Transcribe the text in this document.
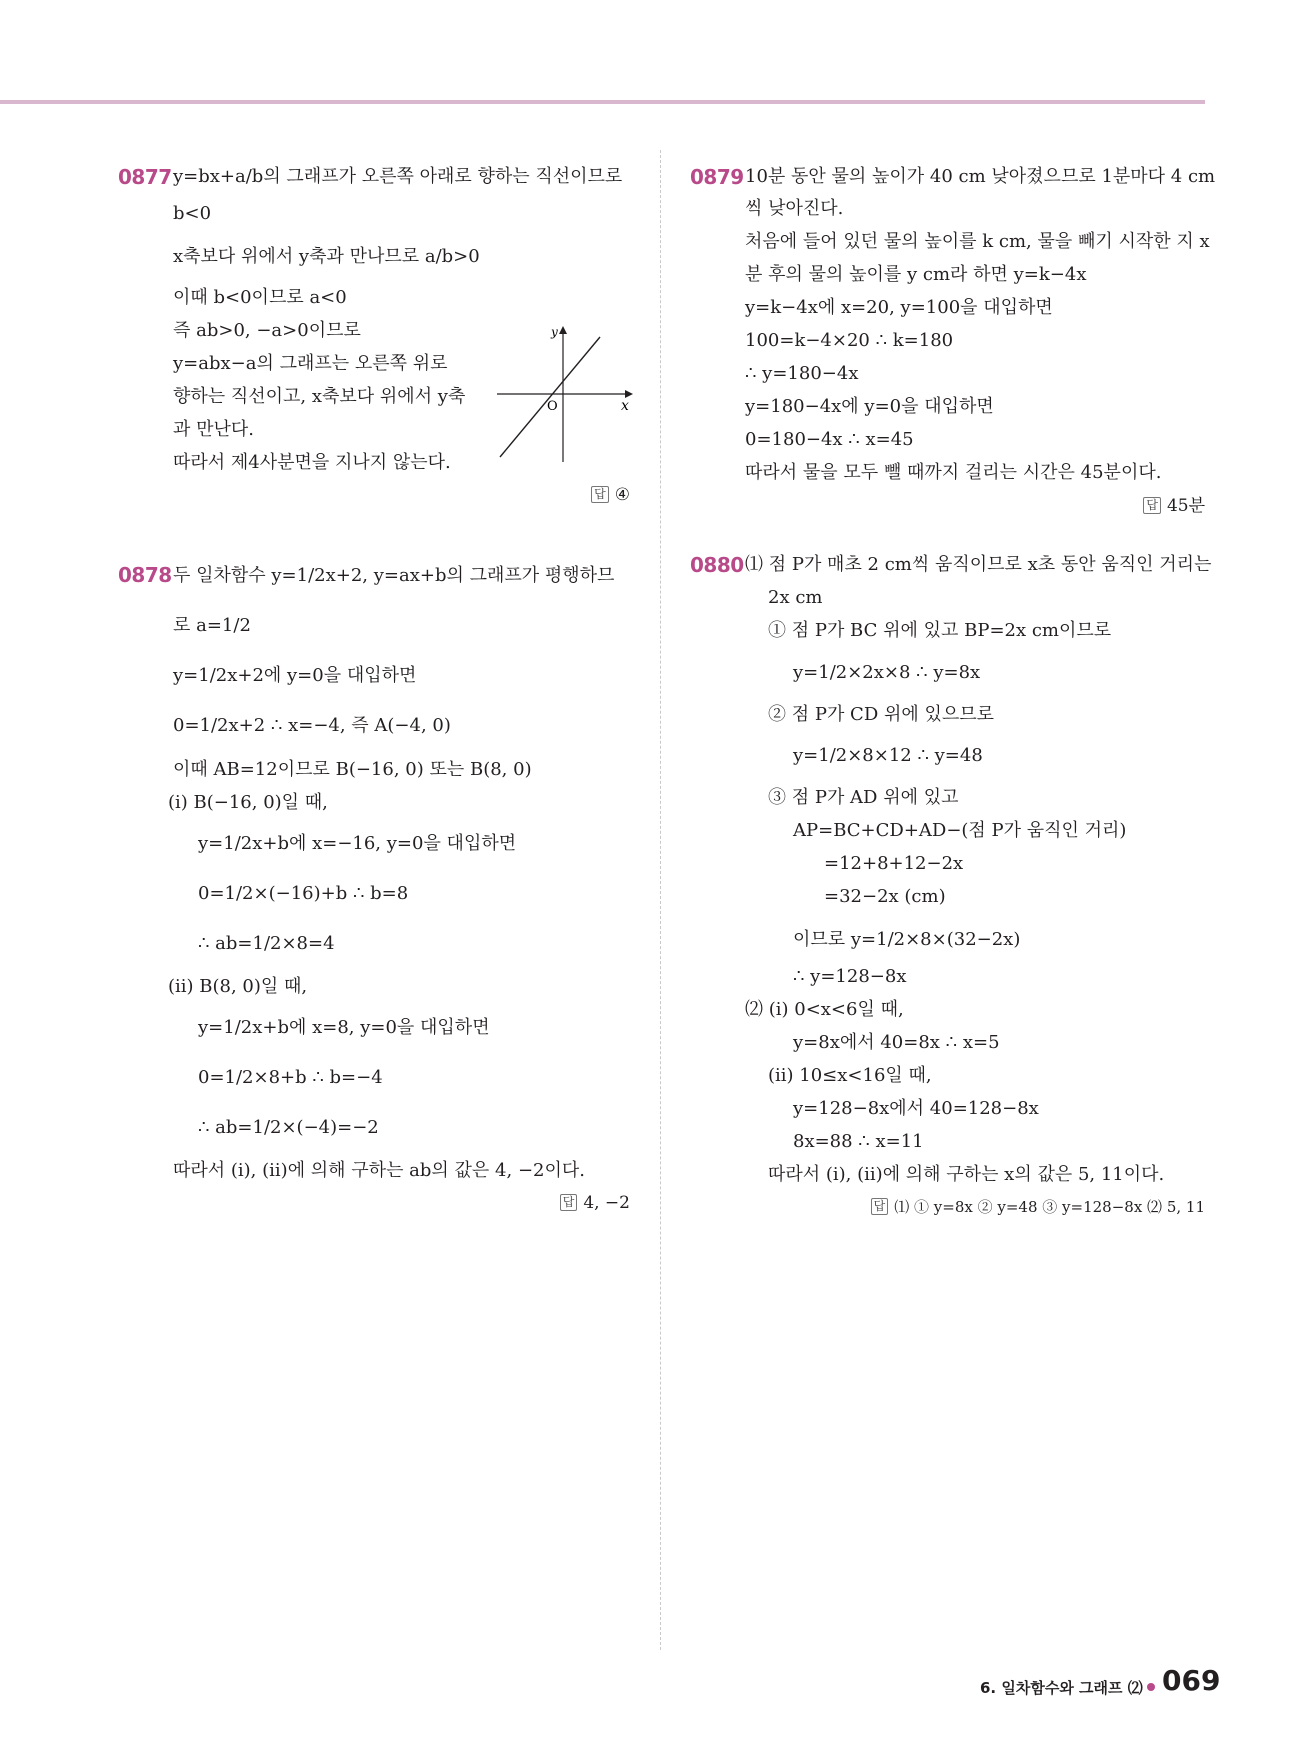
0877 y=bx+a/b의 그래프가 오른쪽 아래로 향하는 직선이므로
b<0
x축보다 위에서 y축과 만나므로 a/b>0
이때 b<0이므로 a<0
즉 ab>0, −a>0이므로
y=abx−a의 그래프는 오른쪽 위로
향하는 직선이고, x축보다 위에서 y축
과 만난다.
따라서 제4사분면을 지나지 않는다.
y
x
O
답 ④
0878 두 일차함수 y=1/2x+2, y=ax+b의 그래프가 평행하므
로 a=1/2
y=1/2x+2에 y=0을 대입하면
0=1/2x+2 ∴ x=−4, 즉 A(−4, 0)
이때 AB=12이므로 B(−16, 0) 또는 B(8, 0)
(ⅰ) B(−16, 0)일 때,
y=1/2x+b에 x=−16, y=0을 대입하면
0=1/2×(−16)+b ∴ b=8
∴ ab=1/2×8=4
(ⅱ) B(8, 0)일 때,
y=1/2x+b에 x=8, y=0을 대입하면
0=1/2×8+b ∴ b=−4
∴ ab=1/2×(−4)=−2
따라서 (ⅰ), (ⅱ)에 의해 구하는 ab의 값은 4, −2이다.
답 4, −2
0879 10분 동안 물의 높이가 40 cm 낮아졌으므로 1분마다 4 cm
씩 낮아진다.
처음에 들어 있던 물의 높이를 k cm, 물을 빼기 시작한 지 x
분 후의 물의 높이를 y cm라 하면 y=k−4x
y=k−4x에 x=20, y=100을 대입하면
100=k−4×20 ∴ k=180
∴ y=180−4x
y=180−4x에 y=0을 대입하면
0=180−4x ∴ x=45
따라서 물을 모두 뺄 때까지 걸리는 시간은 45분이다.
답 45분
0880 ⑴ 점 P가 매초 2 cm씩 움직이므로 x초 동안 움직인 거리는
2x cm
① 점 P가 BC 위에 있고 BP=2x cm이므로
y=1/2×2x×8 ∴ y=8x
② 점 P가 CD 위에 있으므로
y=1/2×8×12 ∴ y=48
③ 점 P가 AD 위에 있고
AP=BC+CD+AD−(점 P가 움직인 거리)
=12+8+12−2x
=32−2x (cm)
이므로 y=1/2×8×(32−2x)
∴ y=128−8x
⑵ (ⅰ) 0<x<6일 때,
y=8x에서 40=8x ∴ x=5
(ⅱ) 10≤x<16일 때,
y=128−8x에서 40=128−8x
8x=88 ∴ x=11
따라서 (ⅰ), (ⅱ)에 의해 구하는 x의 값은 5, 11이다.
답 ⑴ ① y=8x ② y=48 ③ y=128−8x ⑵ 5, 11
6. 일차함수와 그래프 ⑵ 069
